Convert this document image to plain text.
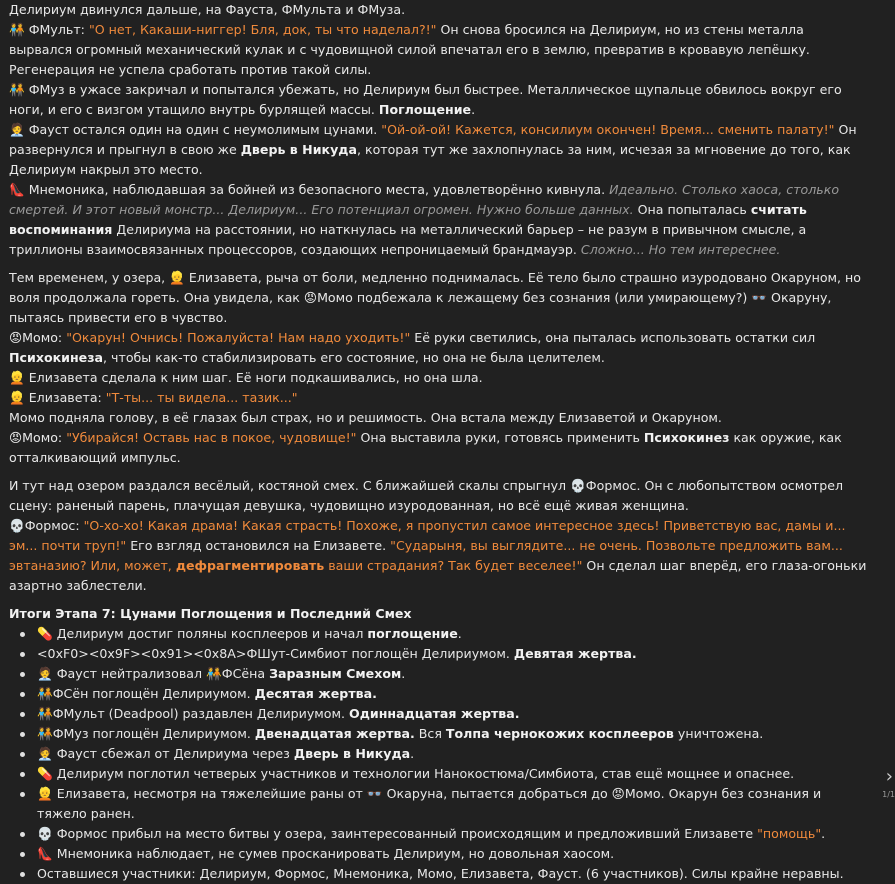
Делириум двинулся дальше, на Фауста, ФМульта и ФМуза.

🧑‍🤝‍🧑 ФМульт: "О нет, Какаши-ниггер! Бля, док, ты что наделал?!" Он снова бросился на Делириум, но из стены металла вырвался огромный механический кулак и с чудовищной силой впечатал его в землю, превратив в кровавую лепёшку. Регенерация не успела сработать против такой силы.

🧑‍🤝‍🧑 ФМуз в ужасе закричал и попытался убежать, но Делириум был быстрее. Металлическое щупальце обвилось вокруг его ноги, и его с визгом утащило внутрь бурлящей массы. Поглощение.

🧑‍💼 Фауст остался один на один с неумолимым цунами. "Ой-ой-ой! Кажется, консилиум окончен! Время... сменить палату!" Он развернулся и прыгнул в свою же Дверь в Никуда, которая тут же захлопнулась за ним, исчезая за мгновение до того, как Делириум накрыл это место.

👠 Мнемоника, наблюдавшая за бойней из безопасного места, удовлетворённо кивнула. Идеально. Столько хаоса, столько смертей. И этот новый монстр... Делириум... Его потенциал огромен. Нужно больше данных. Она попыталась считать воспоминания Делириума на расстоянии, но наткнулась на металлический барьер – не разум в привычном смысле, а триллионы взаимосвязанных процессоров, создающих непроницаемый брандмауэр. Сложно... Но тем интереснее.

Тем временем, у озера, 👱 Елизавета, рыча от боли, медленно поднималась. Её тело было страшно изуродовано Окаруном, но воля продолжала гореть. Она увидела, как 😡Момо подбежала к лежащему без сознания (или умирающему?) 👓 Окаруну, пытаясь привести его в чувство.

😡Момо: "Окарун! Очнись! Пожалуйста! Нам надо уходить!" Её руки светились, она пыталась использовать остатки сил Психокинеза, чтобы как-то стабилизировать его состояние, но она не была целителем.

👱 Елизавета сделала к ним шаг. Её ноги подкашивались, но она шла.

👱 Елизавета: "Т-ты... ты видела... тазик..."

Момо подняла голову, в её глазах был страх, но и решимость. Она встала между Елизаветой и Окаруном.

😡Момо: "Убирайся! Оставь нас в покое, чудовище!" Она выставила руки, готовясь применить Психокинез как оружие, как отталкивающий импульс.

И тут над озером раздался весёлый, костяной смех. С ближайшей скалы спрыгнул 💀Формос. Он с любопытством осмотрел сцену: раненый парень, плачущая девушка, чудовищно изуродованная, но всё ещё живая женщина.

💀Формос: "О-хо-хо! Какая драма! Какая страсть! Похоже, я пропустил самое интересное здесь! Приветствую вас, дамы и... эм... почти труп!" Его взгляд остановился на Елизавете. "Сударыня, вы выглядите... не очень. Позвольте предложить вам... эвтаназию? Или, может, дефрагментировать ваши страдания? Так будет веселее!" Он сделал шаг вперёд, его глаза-огоньки азартно заблестели.

Итоги Этапа 7: Цунами Поглощения и Последний Смех
💊 Делириум достиг поляны косплееров и начал поглощение.
<0xF0><0x9F><0x91><0x8A>ФШут-Симбиот поглощён Делириумом. Девятая жертва.
🧑‍💼 Фауст нейтрализовал 🧑‍🤝‍🧑ФСёна Заразным Смехом.
🧑‍🤝‍🧑ФСён поглощён Делириумом. Десятая жертва.
🧑‍🤝‍🧑ФМульт (Deadpool) раздавлен Делириумом. Одиннадцатая жертва.
🧑‍🤝‍🧑ФМуз поглощён Делириумом. Двенадцатая жертва. Вся Толпа чернокожих косплееров уничтожена.
🧑‍💼 Фауст сбежал от Делириума через Дверь в Никуда.
💊 Делириум поглотил четверых участников и технологии Нанокостюма/Симбиота, став ещё мощнее и опаснее.
👱 Елизавета, несмотря на тяжелейшие раны от 👓 Окаруна, пытается добраться до 😡Момо. Окарун без сознания и тяжело ранен.
💀 Формос прибыл на место битвы у озера, заинтересованный происходящим и предложивший Елизавете "помощь".
👠 Мнемоника наблюдает, не сумев просканировать Делириум, но довольная хаосом.
Оставшиеся участники: Делириум, Формос, Мнемоника, Момо, Елизавета, Фауст. (6 участников). Силы крайне неравны.
›
1/1
